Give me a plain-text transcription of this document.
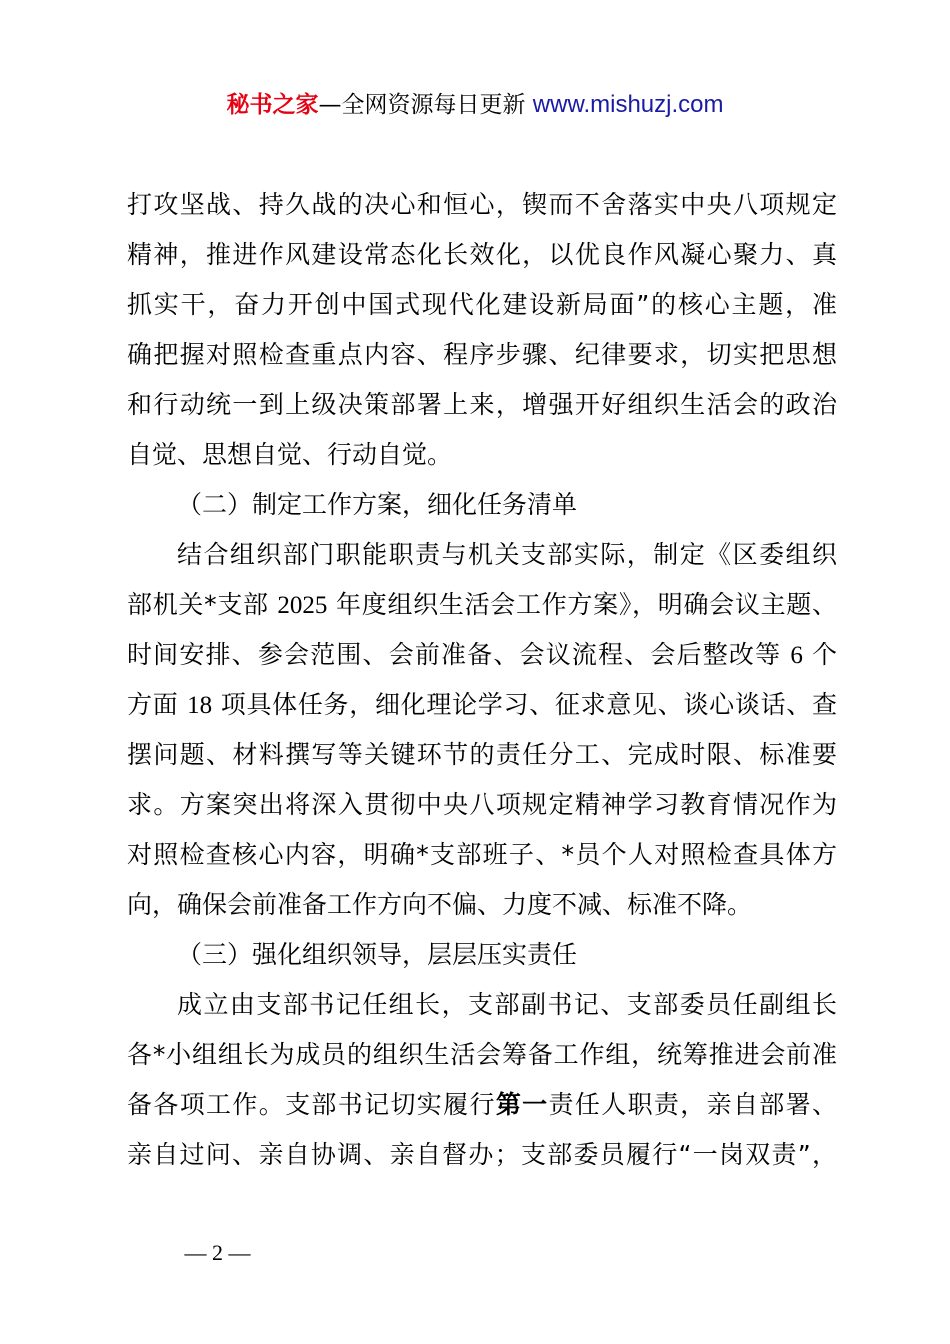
秘书之家—全网资源每日更新 www.mishuzj.com
打攻坚战、持久战的决心和恒心，锲而不舍落实中央八项规定
精神，推进作风建设常态化长效化，以优良作风凝心聚力、真
抓实干，奋力开创中国式现代化建设新局面”的核心主题，准
确把握对照检查重点内容、程序步骤、纪律要求，切实把思想
和行动统一到上级决策部署上来，增强开好组织生活会的政治
自觉、思想自觉、行动自觉。
（二）制定工作方案，细化任务清单
结合组织部门职能职责与机关支部实际，制定《区委组织
部机关*支部 2025 年度组织生活会工作方案》，明确会议主题、
时间安排、参会范围、会前准备、会议流程、会后整改等 6 个
方面 18 项具体任务，细化理论学习、征求意见、谈心谈话、查
摆问题、材料撰写等关键环节的责任分工、完成时限、标准要
求。方案突出将深入贯彻中央八项规定精神学习教育情况作为
对照检查核心内容，明确*支部班子、*员个人对照检查具体方
向，确保会前准备工作方向不偏、力度不减、标准不降。
（三）强化组织领导，层层压实责任
成立由支部书记任组长，支部副书记、支部委员任副组长
各*小组组长为成员的组织生活会筹备工作组，统筹推进会前准
备各项工作。支部书记切实履行第一责任人职责，亲自部署、
亲自过问、亲自协调、亲自督办；支部委员履行“一岗双责”，
— 2 —
